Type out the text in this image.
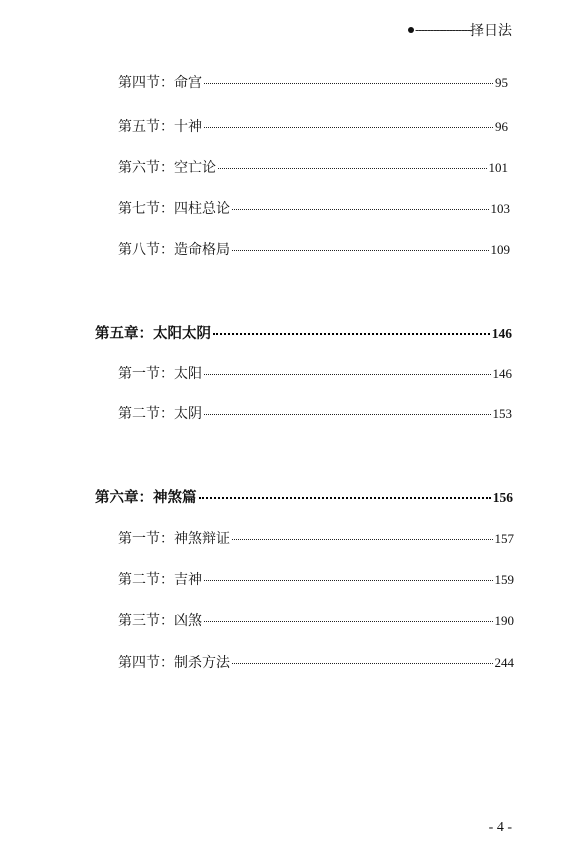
------------------ 择日法
第四节：命宫	95
第五节：十神	96
第六节：空亡论	101
第七节：四柱总论	103
第八节：造命格局	109
第五章：太阳太阴	146
第一节：太阳	146
第二节：太阴	153
第六章：神煞篇	156
第一节：神煞辩证	157
第二节：吉神	159
第三节：凶煞	190
第四节：制杀方法	244
- 4 -
